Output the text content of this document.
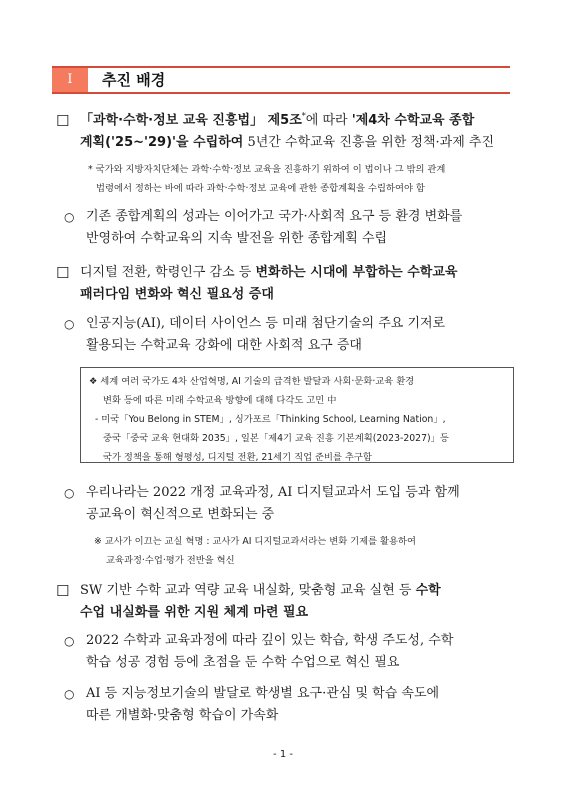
Ⅰ	추진 배경
☐ 「과학·수학·정보 교육 진흥법」 제5조*에 따라 '제4차 수학교육 종합
계획('25~'29)'을 수립하여 5년간 수학교육 진흥을 위한 정책·과제 추진
* 국가와 지방자치단체는 과학·수학·정보 교육을 진흥하기 위하여 이 법이나 그 밖의 관계
법령에서 정하는 바에 따라 과학·수학·정보 교육에 관한 종합계획을 수립하여야 함
○ 기존 종합계획의 성과는 이어가고 국가·사회적 요구 등 환경 변화를
반영하여 수학교육의 지속 발전을 위한 종합계획 수립
☐ 디지털 전환, 학령인구 감소 등 변화하는 시대에 부합하는 수학교육
패러다임 변화와 혁신 필요성 증대
○ 인공지능(AI), 데이터 사이언스 등 미래 첨단기술의 주요 기저로
활용되는 수학교육 강화에 대한 사회적 요구 증대
❖ 세계 여러 국가도 4차 산업혁명, AI 기술의 급격한 발달과 사회·문화·교육 환경
변화 등에 따른 미래 수학교육 방향에 대해 다각도 고민 中
- 미국「You Belong in STEM」, 싱가포르「Thinking School, Learning Nation」,
중국「중국 교육 현대화 2035」, 일본「제4기 교육 진흥 기본계획(2023-2027)」등
국가 정책을 통해 형평성, 디지털 전환, 21세기 직업 준비를 추구함
○ 우리나라는 2022 개정 교육과정, AI 디지털교과서 도입 등과 함께
공교육이 혁신적으로 변화되는 중
※ 교사가 이끄는 교실 혁명 : 교사가 AI 디지털교과서라는 변화 기제를 활용하여
교육과정·수업·평가 전반을 혁신
☐ SW 기반 수학 교과 역량 교육 내실화, 맞춤형 교육 실현 등 수학
수업 내실화를 위한 지원 체계 마련 필요
○ 2022 수학과 교육과정에 따라 깊이 있는 학습, 학생 주도성, 수학
학습 성공 경험 등에 초점을 둔 수학 수업으로 혁신 필요
○ AI 등 지능정보기술의 발달로 학생별 요구·관심 및 학습 속도에
따른 개별화·맞춤형 학습이 가속화
- 1 -
